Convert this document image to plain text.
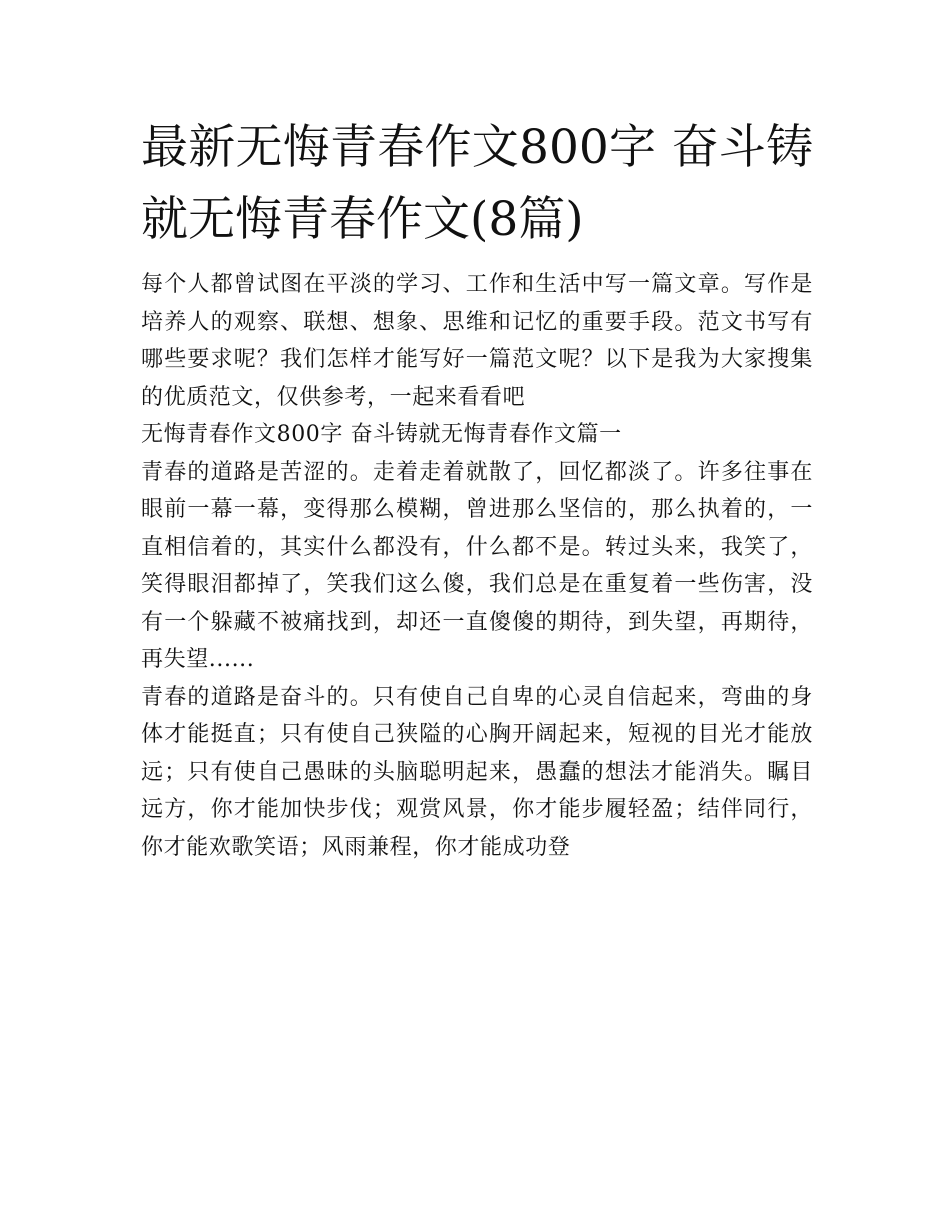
最新无悔青春作文800字 奋斗铸就无悔青春作文(8篇)

每个人都曾试图在平淡的学习、工作和生活中写一篇文章。写作是培养人的观察、联想、想象、思维和记忆的重要手段。范文书写有哪些要求呢？我们怎样才能写好一篇范文呢？以下是我为大家搜集的优质范文，仅供参考，一起来看看吧

无悔青春作文800字 奋斗铸就无悔青春作文篇一

青春的道路是苦涩的。走着走着就散了，回忆都淡了。许多往事在眼前一幕一幕，变得那么模糊，曾进那么坚信的，那么执着的，一直相信着的，其实什么都没有，什么都不是。转过头来，我笑了，笑得眼泪都掉了，笑我们这么傻，我们总是在重复着一些伤害，没有一个躲藏不被痛找到，却还一直傻傻的期待，到失望，再期待，再失望......

青春的道路是奋斗的。只有使自己自卑的心灵自信起来，弯曲的身体才能挺直；只有使自己狭隘的心胸开阔起来，短视的目光才能放远；只有使自己愚昧的头脑聪明起来，愚蠢的想法才能消失。瞩目远方，你才能加快步伐；观赏风景，你才能步履轻盈；结伴同行，你才能欢歌笑语；风雨兼程，你才能成功登
